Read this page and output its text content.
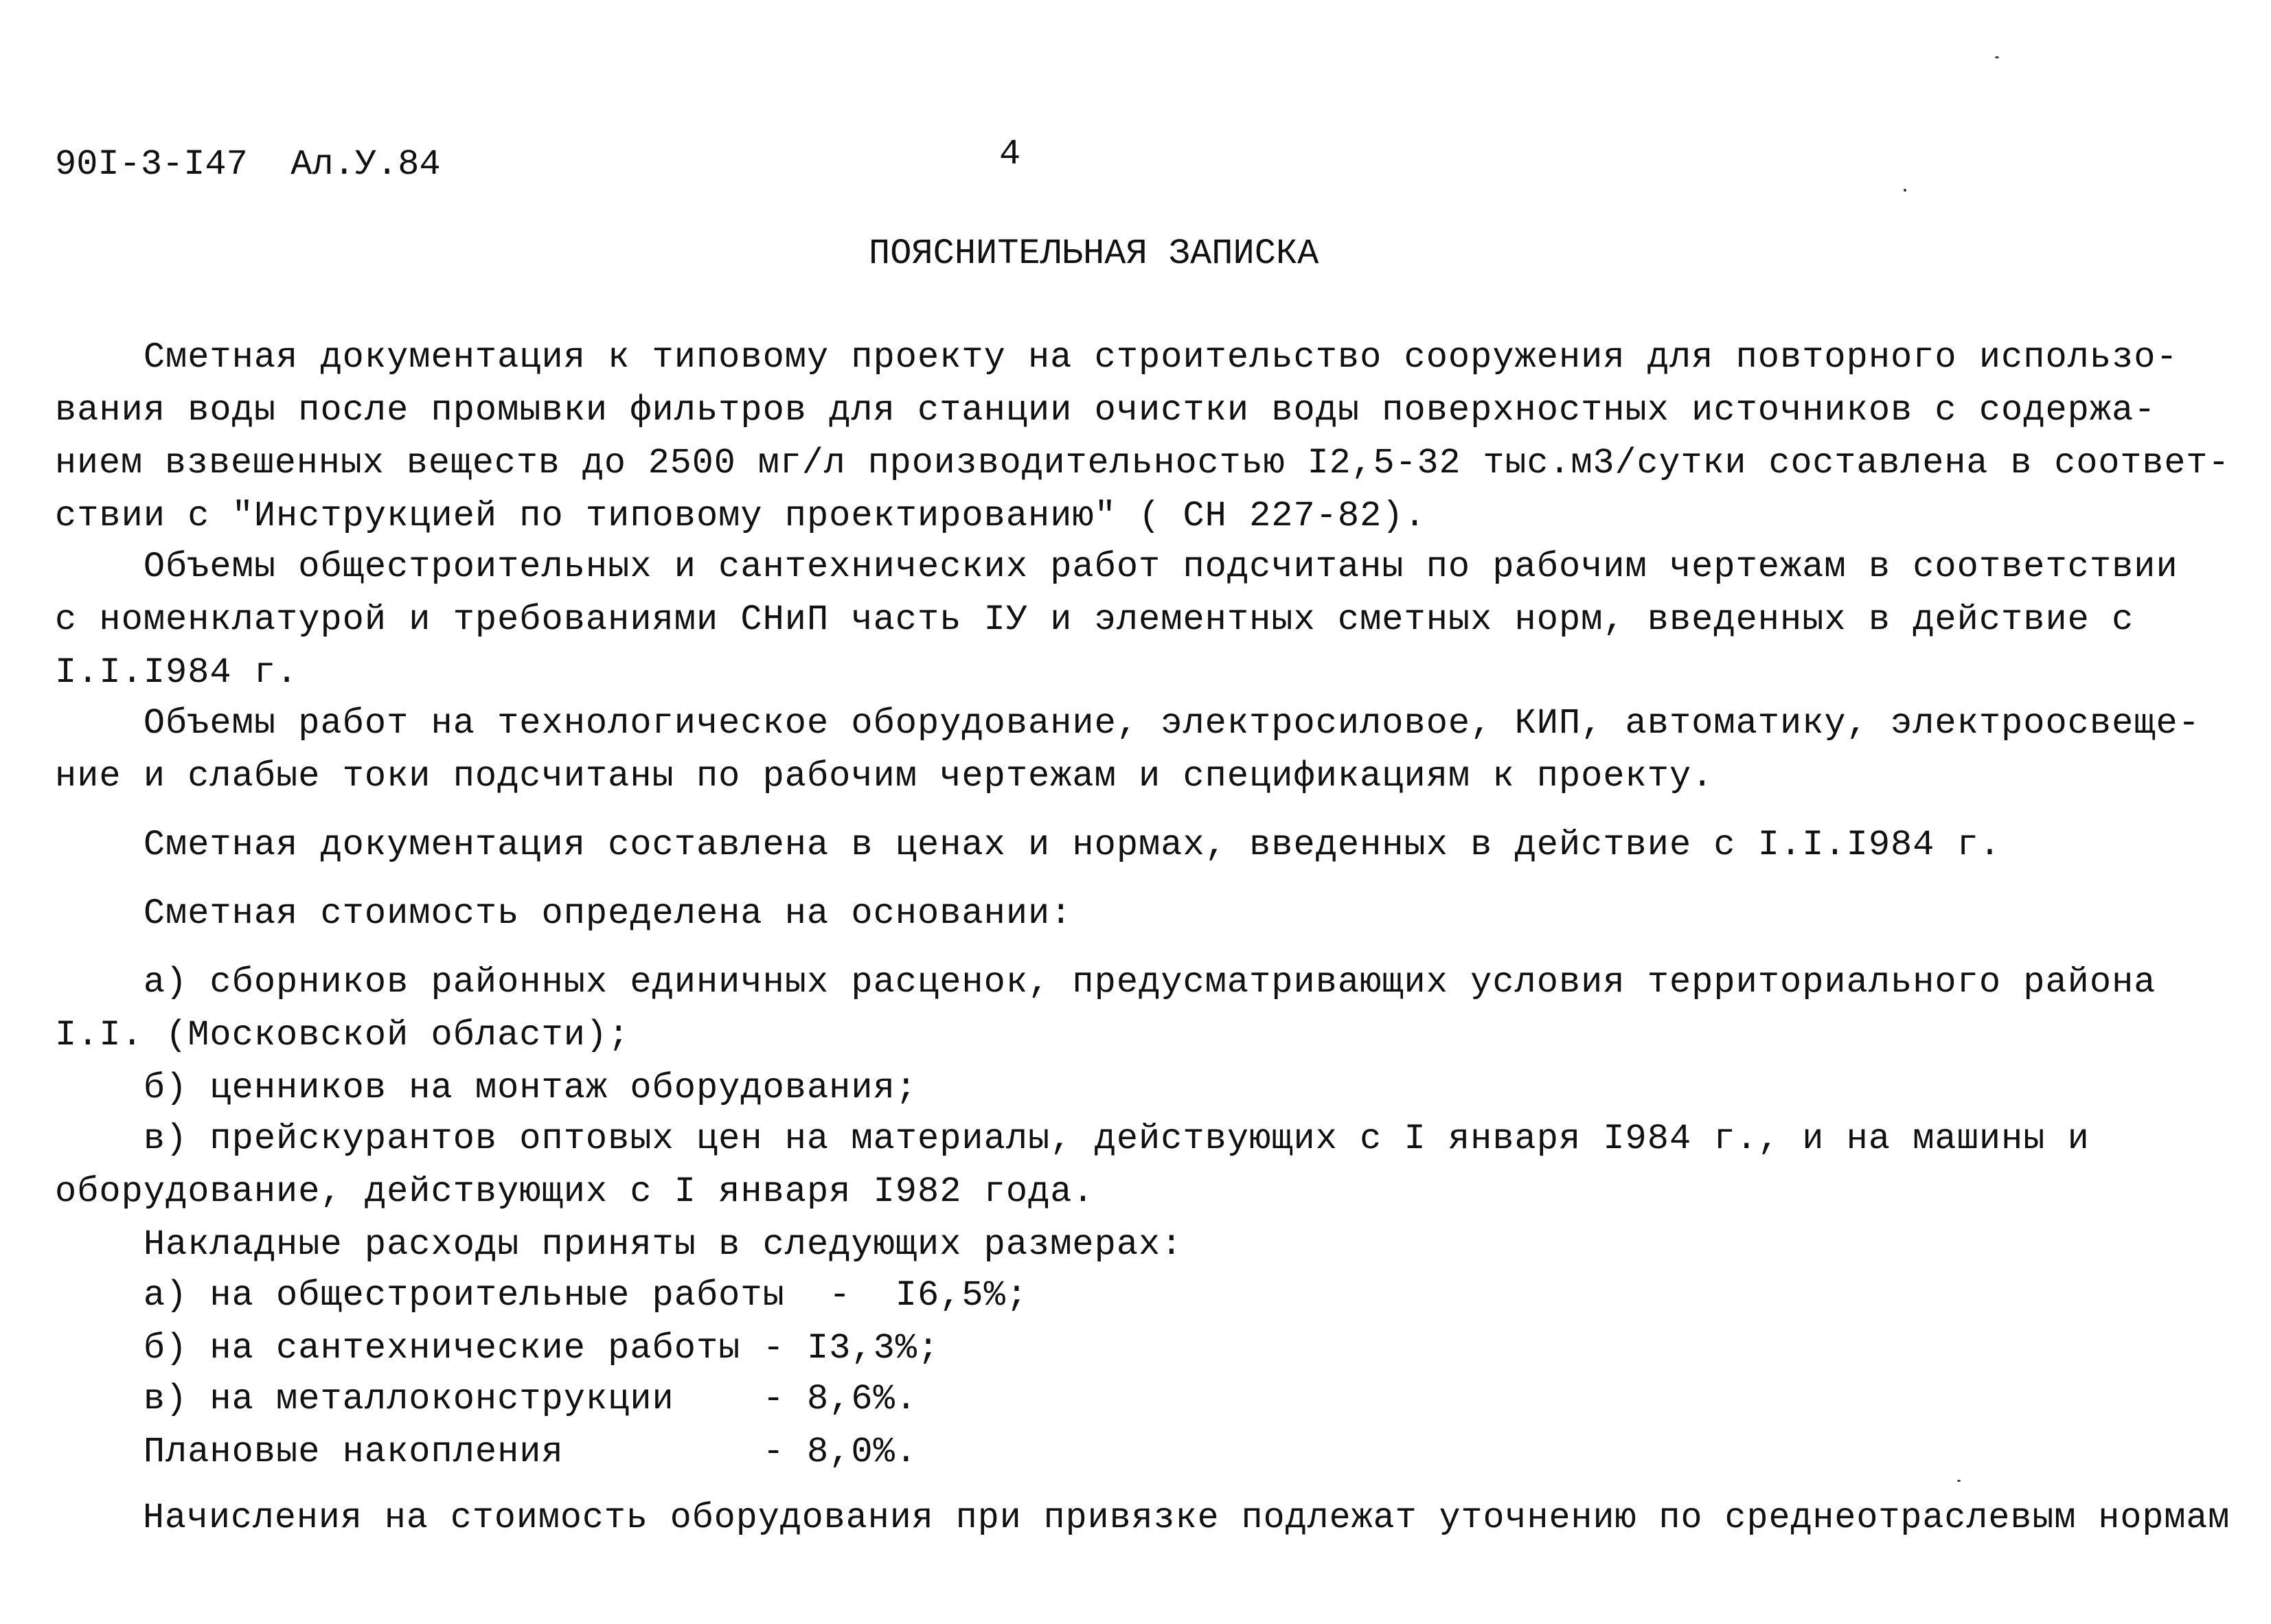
90I-3-I47  Ал.У.84	4
ПОЯСНИТЕЛЬНАЯ ЗАПИСКА
Сметная документация к типовому проекту на строительство сооружения для повторного использо-
вания воды после промывки фильтров для станции очистки воды поверхностных источников с содержа-
нием взвешенных веществ до 2500 мг/л производительностью I2,5-32 тыс.м3/сутки составлена в соответ-
ствии с "Инструкцией по типовому проектированию" ( СН 227-82).
Объемы общестроительных и сантехнических работ подсчитаны по рабочим чертежам в соответствии
с номенклатурой и требованиями СНиП часть IУ и элементных сметных норм, введенных в действие с
I.I.I984 г.
Объемы работ на технологическое оборудование, электросиловое, КИП, автоматику, электроосвеще-
ние и слабые токи подсчитаны по рабочим чертежам и спецификациям к проекту.
Сметная документация составлена в ценах и нормах, введенных в действие с I.I.I984 г.
Сметная стоимость определена на основании:
а) сборников районных единичных расценок, предусматривающих условия территориального района
I.I. (Московской области);
б) ценников на монтаж оборудования;
в) прейскурантов оптовых цен на материалы, действующих с I января I984 г., и на машины и
оборудование, действующих с I января I982 года.
Накладные расходы приняты в следующих размерах:
а) на общестроительные работы  -  I6,5%;
б) на сантехнические работы - I3,3%;
в) на металлоконструкции    - 8,6%.
Плановые накопления         - 8,0%.
Начисления на стоимость оборудования при привязке подлежат уточнению по среднеотраслевым нормам
